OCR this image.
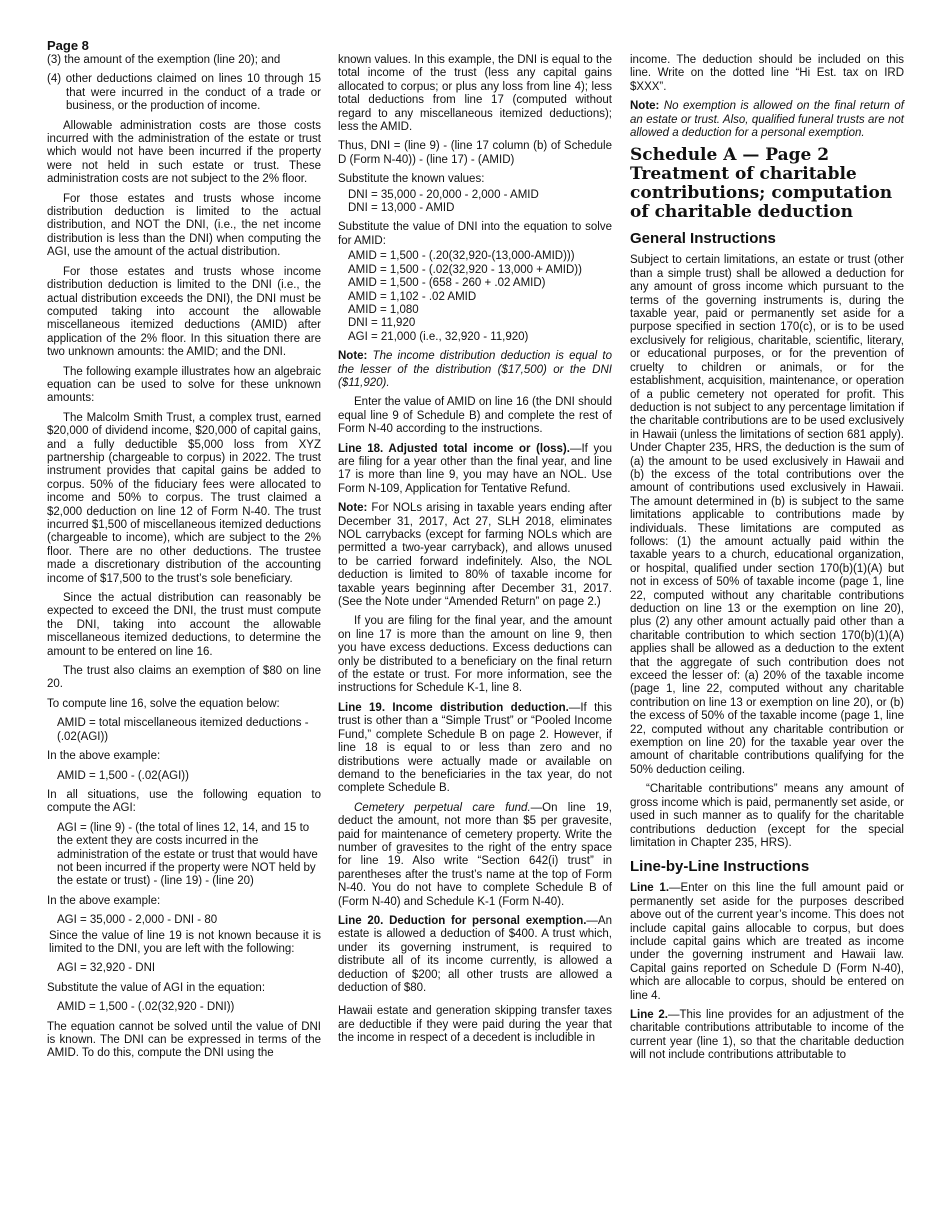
Page 8

(3) the amount of the exemption (line 20); and

(4) other deductions claimed on lines 10 through 15 that were incurred in the conduct of a trade or business, or the production of income.

Allowable administration costs are those costs incurred with the administration of the estate or trust which would not have been incurred if the property were not held in such estate or trust. These administration costs are not subject to the 2% floor.

For those estates and trusts whose income distribution deduction is limited to the actual distribution, and NOT the DNI, (i.e., the net income distribution is less than the DNI) when computing the AGI, use the amount of the actual distribution.

For those estates and trusts whose income distribution deduction is limited to the DNI (i.e., the actual distribution exceeds the DNI), the DNI must be computed taking into account the allowable miscellaneous itemized deductions (AMID) after application of the 2% floor. In this situation there are two unknown amounts: the AMID; and the DNI.

The following example illustrates how an algebraic equation can be used to solve for these unknown amounts:

The Malcolm Smith Trust, a complex trust, earned $20,000 of dividend income, $20,000 of capital gains, and a fully deductible $5,000 loss from XYZ partnership (chargeable to corpus) in 2022. The trust instrument provides that capital gains be added to corpus. 50% of the fiduciary fees were allocated to income and 50% to corpus. The trust claimed a $2,000 deduction on line 12 of Form N-40. The trust incurred $1,500 of miscellaneous itemized deductions (chargeable to income), which are subject to the 2% floor. There are no other deductions. The trustee made a discretionary distribution of the accounting income of $17,500 to the trust’s sole beneficiary.

Since the actual distribution can reasonably be expected to exceed the DNI, the trust must compute the DNI, taking into account the allowable miscellaneous itemized deductions, to determine the amount to be entered on line 16.

The trust also claims an exemption of $80 on line 20.

To compute line 16, solve the equation below:

AMID = total miscellaneous itemized deductions - (.02(AGI))

In the above example:

AMID = 1,500 - (.02(AGI))

In all situations, use the following equation to compute the AGI:

AGI = (line 9) - (the total of lines 12, 14, and 15 to the extent they are costs incurred in the administration of the estate or trust that would have not been incurred if the property were NOT held by the estate or trust) - (line 19) - (line 20)

In the above example:

AGI = 35,000 - 2,000 - DNI - 80

Since the value of line 19 is not known because it is limited to the DNI, you are left with the following:

AGI = 32,920 - DNI

Substitute the value of AGI in the equation:

AMID = 1,500 - (.02(32,920 - DNI))

The equation cannot be solved until the value of DNI is known. The DNI can be expressed in terms of the AMID. To do this, compute the DNI using the

known values. In this example, the DNI is equal to the total income of the trust (less any capital gains allocated to corpus; or plus any loss from line 4); less total deductions from line 17 (computed without regard to any miscellaneous itemized deductions); less the AMID.

Thus, DNI = (line 9) - (line 17 column (b) of Schedule D (Form N-40)) - (line 17) - (AMID)

Substitute the known values:

DNI = 35,000 - 20,000 - 2,000 - AMID
DNI = 13,000 - AMID

Substitute the value of DNI into the equation to solve for AMID:

AMID = 1,500 - (.20(32,920-(13,000-AMID)))
AMID = 1,500 - (.02(32,920 - 13,000 + AMID))
AMID = 1,500 - (658 - 260 + .02 AMID)
AMID = 1,102 - .02 AMID
AMID = 1,080
DNI = 11,920
AGI = 21,000 (i.e., 32,920 - 11,920)

Note: The income distribution deduction is equal to the lesser of the distribution ($17,500) or the DNI ($11,920).

Enter the value of AMID on line 16 (the DNI should equal line 9 of Schedule B) and complete the rest of Form N-40 according to the instructions.

Line 18. Adjusted total income or (loss).—If you are filing for a year other than the final year, and line 17 is more than line 9, you may have an NOL. Use Form N-109, Application for Tentative Refund.

Note: For NOLs arising in taxable years ending after December 31, 2017, Act 27, SLH 2018, eliminates NOL carrybacks (except for farming NOLs which are permitted a two-year carryback), and allows unused to be carried forward indefinitely. Also, the NOL deduction is limited to 80% of taxable income for taxable years beginning after December 31, 2017. (See the Note under “Amended Return” on page 2.)

If you are filing for the final year, and the amount on line 17 is more than the amount on line 9, then you have excess deductions. Excess deductions can only be distributed to a beneficiary on the final return of the estate or trust. For more information, see the instructions for Schedule K-1, line 8.

Line 19. Income distribution deduction.—If this trust is other than a “Simple Trust” or “Pooled Income Fund,” complete Schedule B on page 2. However, if line 18 is equal to or less than zero and no distributions were actually made or available on demand to the beneficiaries in the tax year, do not complete Schedule B.

Cemetery perpetual care fund.—On line 19, deduct the amount, not more than $5 per gravesite, paid for maintenance of cemetery property. Write the number of gravesites to the right of the entry space for line 19. Also write “Section 642(i) trust” in parentheses after the trust’s name at the top of Form N-40. You do not have to complete Schedule B of (Form N-40) and Schedule K-1 (Form N-40).

Line 20. Deduction for personal exemption.—An estate is allowed a deduction of $400. A trust which, under its governing instrument, is required to distribute all of its income currently, is allowed a deduction of $200; all other trusts are allowed a deduction of $80.

Hawaii estate and generation skipping transfer taxes are deductible if they were paid during the year that the income in respect of a decedent is includible in

income. The deduction should be included on this line. Write on the dotted line “Hi Est. tax on IRD $XXX”.

Note: No exemption is allowed on the final return of an estate or trust. Also, qualified funeral trusts are not allowed a deduction for a personal exemption.

Schedule A — Page 2 Treatment of charitable contributions; computation of charitable deduction
General Instructions

Subject to certain limitations, an estate or trust (other than a simple trust) shall be allowed a deduction for any amount of gross income which pursuant to the terms of the governing instruments is, during the taxable year, paid or permanently set aside for a purpose specified in section 170(c), or is to be used exclusively for religious, charitable, scientific, literary, or educational purposes, or for the prevention of cruelty to children or animals, or for the establishment, acquisition, maintenance, or operation of a public cemetery not operated for profit. This deduction is not subject to any percentage limitation if the charitable contributions are to be used exclusively in Hawaii (unless the limitations of section 681 apply). Under Chapter 235, HRS, the deduction is the sum of (a) the amount to be used exclusively in Hawaii and (b) the excess of the total contributions over the amount of contributions used exclusively in Hawaii. The amount determined in (b) is subject to the same limitations applicable to contributions made by individuals. These limitations are computed as follows: (1) the amount actually paid within the taxable years to a church, educational organization, or hospital, qualified under section 170(b)(1)(A) but not in excess of 50% of taxable income (page 1, line 22, computed without any charitable contributions deduction on line 13 or the exemption on line 20), plus (2) any other amount actually paid other than a charitable contribution to which section 170(b)(1)(A) applies shall be allowed as a deduction to the extent that the aggregate of such contribution does not exceed the lesser of: (a) 20% of the taxable income (page 1, line 22, computed without any charitable contribution on line 13 or exemption on line 20), or (b) the excess of 50% of the taxable income (page 1, line 22, computed without any charitable contribution or exemption on line 20) for the taxable year over the amount of charitable contributions qualifying for the 50% deduction ceiling.

“Charitable contributions” means any amount of gross income which is paid, permanently set aside, or used in such manner as to qualify for the charitable contributions deduction (except for the special limitation in Chapter 235, HRS).

Line-by-Line Instructions

Line 1.—Enter on this line the full amount paid or permanently set aside for the purposes described above out of the current year’s income. This does not include capital gains allocable to corpus, but does include capital gains which are treated as income under the governing instrument and Hawaii law. Capital gains reported on Schedule D (Form N-40), which are allocable to corpus, should be entered on line 4.

Line 2.—This line provides for an adjustment of the charitable contributions attributable to income of the current year (line 1), so that the charitable deduction will not include contributions attributable to
